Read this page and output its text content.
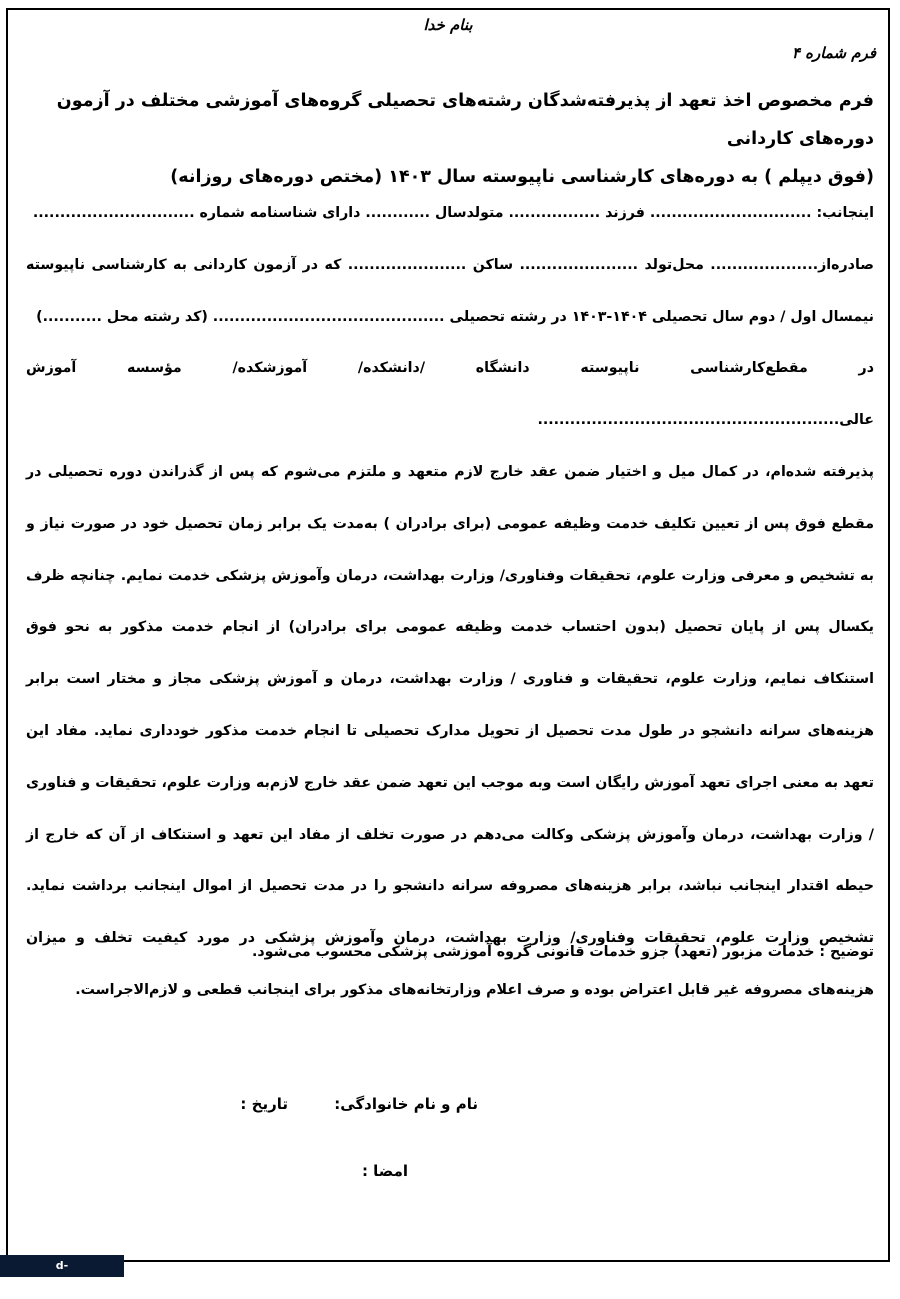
بنام خدا
فرم شماره ۴
فرم مخصوص اخذ تعهد از پذیرفته‌شدگان رشته‌های تحصیلی گروه‌های آموزشی مختلف در آزمون دوره‌های کاردانی
(فوق دیپلم ) به دوره‌های کارشناسی ناپیوسته سال ۱۴۰۳ (مختص دوره‌های روزانه)

اینجانب: .............................. فرزند ................. متولدسال ............ دارای شناسنامه شماره ..............................

صادره‌از.................... محل‌تولد ...................... ساکن ...................... که در آزمون کاردانی به کارشناسی ناپیوسته نیمسال اول / دوم سال تحصیلی ۱۴۰۴-۱۴۰۳ در رشته تحصیلی ........................................... (کد رشته محل ...........)

در مقطع‌کارشناسی ناپیوسته دانشگاه /دانشکده/ آموزشکده/ مؤسسه آموزش عالی........................................................

پذیرفته شده‌ام، در کمال میل و اختیار ضمن عقد خارج لازم متعهد و ملتزم می‌شوم که پس از گذراندن دوره تحصیلی در مقطع فوق پس از تعیین تکلیف خدمت وظیفه عمومی (برای برادران ) به‌مدت یک برابر زمان تحصیل خود در صورت نیاز و به تشخیص و معرفی وزارت علوم، تحقیقات وفناوری/ وزارت بهداشت، درمان وآموزش پزشکی خدمت نمایم. چنانچه ظرف یکسال پس از پایان تحصیل (بدون احتساب خدمت وظیفه عمومی برای برادران) از انجام خدمت مذکور به نحو فوق استنکاف نمایم، وزارت علوم، تحقیقات و فناوری / وزارت بهداشت، درمان و آموزش پزشکی مجاز و مختار است برابر هزینه‌های سرانه دانشجو در طول مدت تحصیل از تحویل مدارک تحصیلی تا انجام خدمت مذکور خودداری نماید. مفاد این تعهد به معنی اجرای تعهد آموزش رایگان است وبه موجب این تعهد ضمن عقد خارج لازم‌به وزارت علوم، تحقیقات و فناوری / وزارت بهداشت، درمان وآموزش پزشکی وکالت می‌دهم در صورت تخلف از مفاد این تعهد و استنکاف از آن که خارج از حیطه اقتدار اینجانب نباشد، برابر هزینه‌های مصروفه سرانه دانشجو را در مدت تحصیل از اموال اینجانب برداشت نماید. تشخیص وزارت علوم، تحقیقات وفناوری/ وزارت بهداشت، درمان وآموزش پزشکی در مورد کیفیت تخلف و میزان هزینه‌های مصروفه غیر قابل اعتراض بوده و صرف اعلام وزارتخانه‌های مذکور برای اینجانب قطعی و لازم‌الاجراست.

توضیح : خدمات مزبور (تعهد) جزو خدمات قانونی گروه آموزشی پزشکی محسوب می‌شود.
تاریخ :	نام و نام خانوادگی:
امضا :
d-hamedan.nus.ac.ir
